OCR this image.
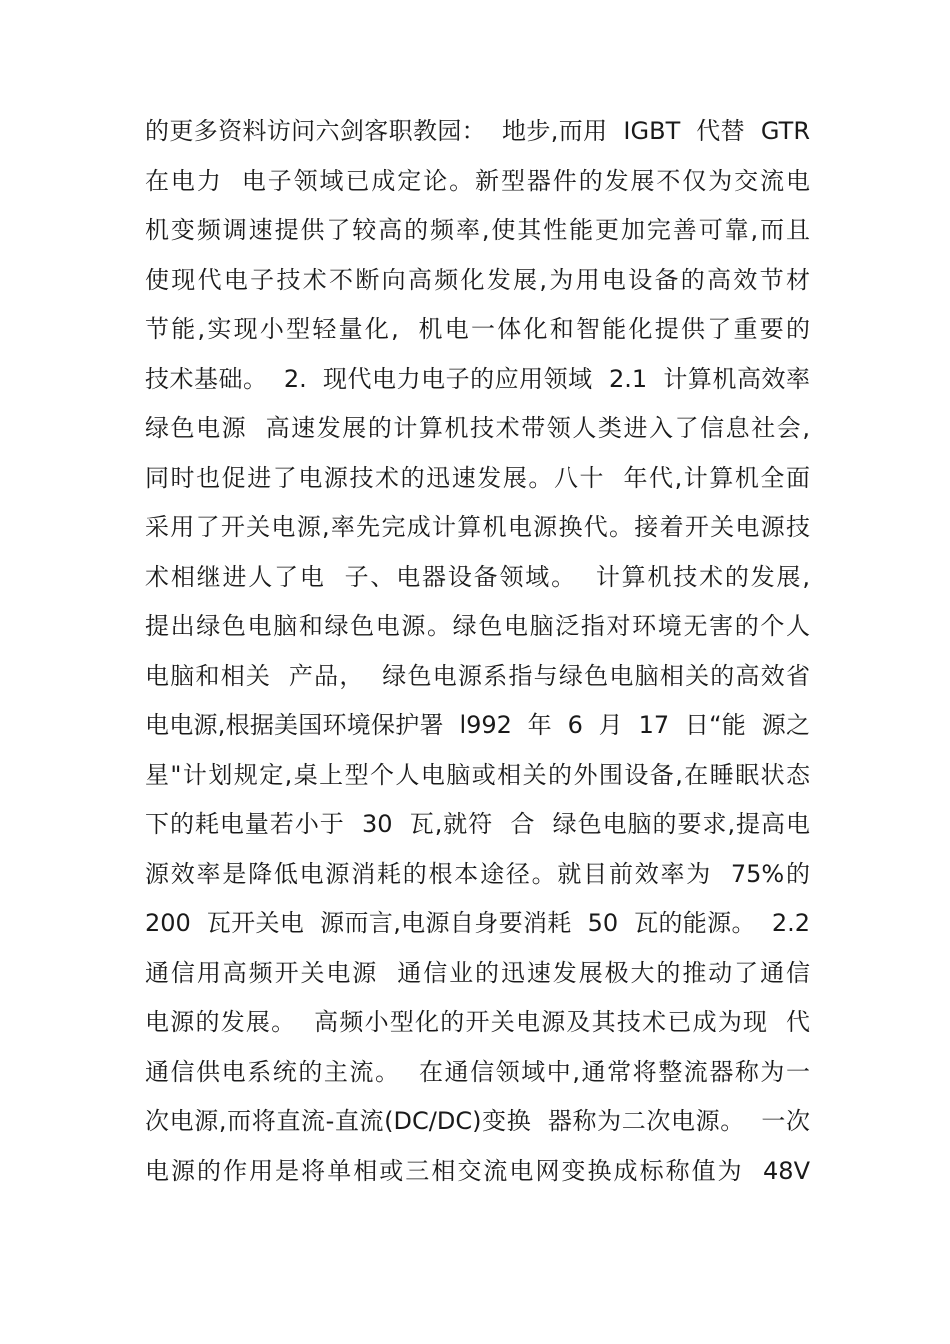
的更多资料访问六剑客职教园：  地步,而用  IGBT  代替  GTR
在电力  电子领域已成定论。新型器件的发展不仅为交流电
机变频调速提供了较高的频率,使其性能更加完善可靠,而且
使现代电子技术不断向高频化发展,为用电设备的高效节材
节能,实现小型轻量化,  机电一体化和智能化提供了重要的
技术基础。  2.  现代电力电子的应用领域  2.1  计算机高效率
绿色电源  高速发展的计算机技术带领人类进入了信息社会,
同时也促进了电源技术的迅速发展。八十  年代,计算机全面
采用了开关电源,率先完成计算机电源换代。接着开关电源技
术相继进人了电  子、电器设备领域。  计算机技术的发展,
提出绿色电脑和绿色电源。绿色电脑泛指对环境无害的个人
电脑和相关  产品，  绿色电源系指与绿色电脑相关的高效省
电电源,根据美国环境保护署  l992  年  6  月  17  日“能  源之
星"计划规定,桌上型个人电脑或相关的外围设备,在睡眠状态
下的耗电量若小于  30  瓦,就符  合  绿色电脑的要求,提高电
源效率是降低电源消耗的根本途径。就目前效率为  75%的
200  瓦开关电  源而言,电源自身要消耗  50  瓦的能源。  2.2
通信用高频开关电源  通信业的迅速发展极大的推动了通信
电源的发展。  高频小型化的开关电源及其技术已成为现  代
通信供电系统的主流。  在通信领域中,通常将整流器称为一
次电源,而将直流-直流(DC/DC)变换  器称为二次电源。  一次
电源的作用是将单相或三相交流电网变换成标称值为  48V
